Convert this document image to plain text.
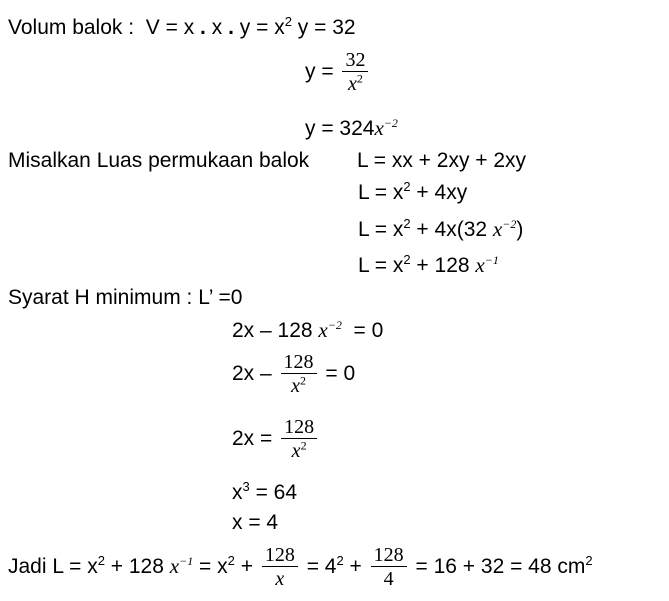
Volum balok : V = x . x . $y = x^2$ y = 32
$y = \frac{32}{x^2}$
$y = 324x^{-2}$
Misalkan Luas permukaan balok L = xx + 2xy + 2xy
$L = x^2 + 4xy$
$L = x^2 + 4x(32$ $x^{-2}$)
$L = x^2 + 128$ $x^{-1}$
Syarat H minimum : L’ =0
2x – 128 $x^{-2} = 0$
$2x - \frac{128}{x^2} = 0$
$2x = \frac{128}{x^2}$
$x^3 = 64$
x = 4
Jadi $L = x^2 + 128$ $x^{-1} = x^2 + \frac{128}{x} = 4^2 + \frac{128}{4} = 16 + 32 = 48$ $cm^2$
